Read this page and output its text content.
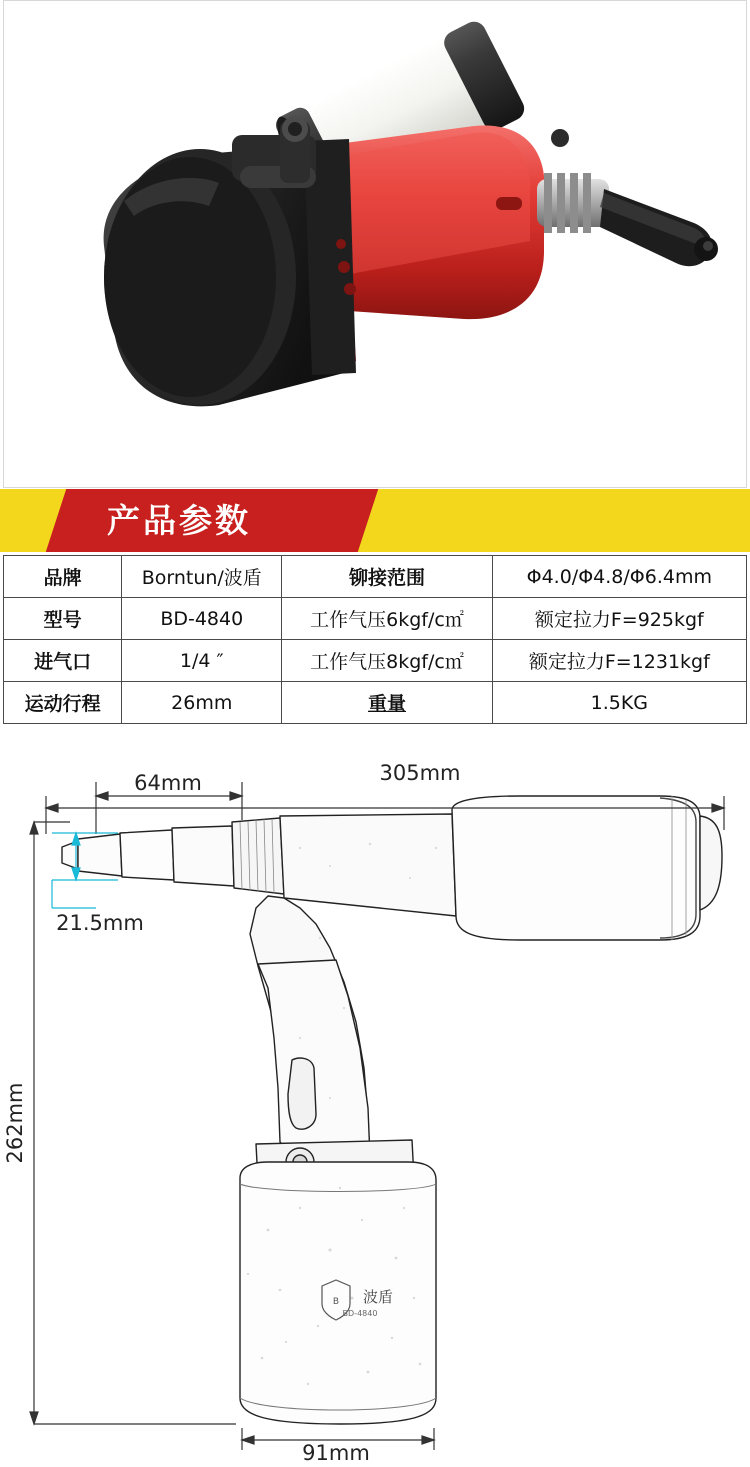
产品参数
品牌	Borntun/波盾	铆接范围	Φ4.0/Φ4.8/Φ6.4mm
型号	BD-4840	工作气压6kgf/c㎡	额定拉力F=925kgf
进气口	1/4 ″	工作气压8kgf/c㎡	额定拉力F=1231kgf
运动行程	26mm	重量	1.5KG
B 波盾
BD-4840
305mm
64mm
21.5mm
262mm
91mm
